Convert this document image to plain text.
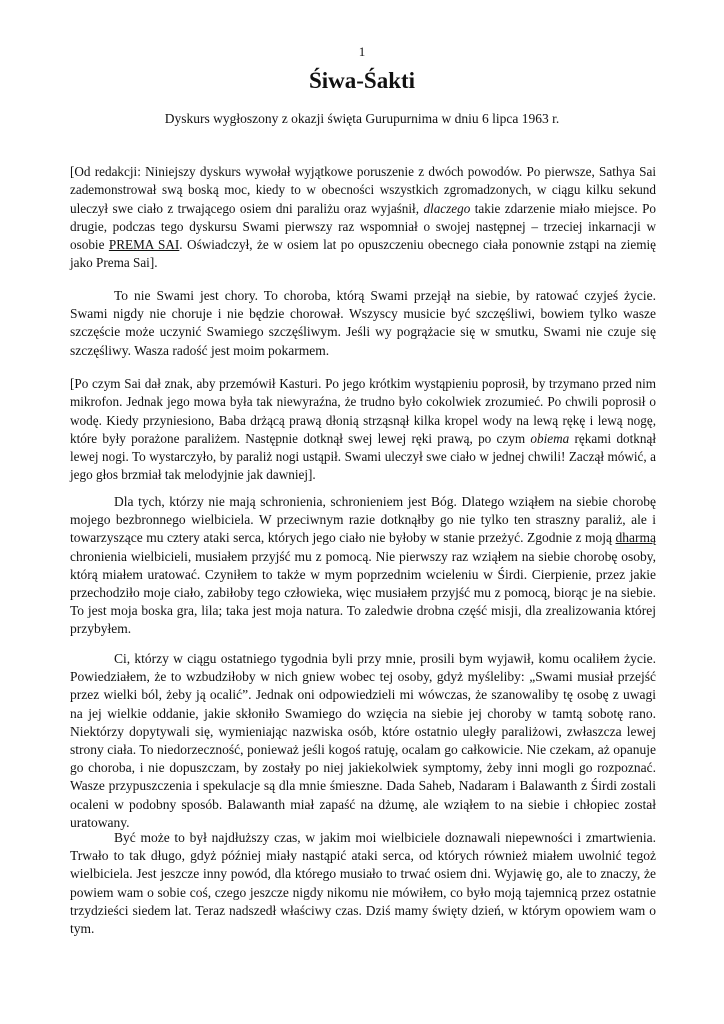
1
Śiwa-Śakti
Dyskurs wygłoszony z okazji święta Gurupurnima w dniu 6 lipca 1963 r.

[Od redakcji: Niniejszy dyskurs wywołał wyjątkowe poruszenie z dwóch powodów. Po pierwsze, Sathya Sai zademonstrował swą boską moc, kiedy to w obecności wszystkich zgromadzonych, w ciągu kilku sekund uleczył swe ciało z trwającego osiem dni paraliżu oraz wyjaśnił, dlaczego takie zdarzenie miało miejsce. Po drugie, podczas tego dyskursu Swami pierwszy raz wspomniał o swojej następnej – trzeciej inkarnacji w osobie PREMA SAI. Oświadczył, że w osiem lat po opuszczeniu obecnego ciała ponownie zstąpi na ziemię jako Prema Sai].

To nie Swami jest chory. To choroba, którą Swami przejął na siebie, by ratować czyjeś życie. Swami nigdy nie choruje i nie będzie chorował. Wszyscy musicie być szczęśliwi, bowiem tylko wasze szczęście może uczynić Swamiego szczęśliwym. Jeśli wy pogrążacie się w smutku, Swami nie czuje się szczęśliwy. Wasza radość jest moim pokarmem.

[Po czym Sai dał znak, aby przemówił Kasturi. Po jego krótkim wystąpieniu poprosił, by trzymano przed nim mikrofon. Jednak jego mowa była tak niewyraźna, że trudno było cokolwiek zrozumieć. Po chwili poprosił o wodę. Kiedy przyniesiono, Baba drżącą prawą dłonią strząsnął kilka kropel wody na lewą rękę i lewą nogę, które były porażone paraliżem. Następnie dotknął swej lewej ręki prawą, po czym obiema rękami dotknął lewej nogi. To wystarczyło, by paraliż nogi ustąpił. Swami uleczył swe ciało w jednej chwili! Zaczął mówić, a jego głos brzmiał tak melodyjnie jak dawniej].

Dla tych, którzy nie mają schronienia, schronieniem jest Bóg. Dlatego wziąłem na siebie chorobę mojego bezbronnego wielbiciela. W przeciwnym razie dotknąłby go nie tylko ten straszny paraliż, ale i towarzyszące mu cztery ataki serca, których jego ciało nie byłoby w stanie przeżyć. Zgodnie z moją dharmą chronienia wielbicieli, musiałem przyjść mu z pomocą. Nie pierwszy raz wziąłem na siebie chorobę osoby, którą miałem uratować. Czyniłem to także w mym poprzednim wcieleniu w Śirdi. Cierpienie, przez jakie przechodziło moje ciało, zabiłoby tego człowieka, więc musiałem przyjść mu z pomocą, biorąc je na siebie. To jest moja boska gra, lila; taka jest moja natura. To zaledwie drobna część misji, dla zrealizowania której przybyłem.

Ci, którzy w ciągu ostatniego tygodnia byli przy mnie, prosili bym wyjawił, komu ocaliłem życie. Powiedziałem, że to wzbudziłoby w nich gniew wobec tej osoby, gdyż myśleliby: „Swami musiał przejść przez wielki ból, żeby ją ocalić”. Jednak oni odpowiedzieli mi wówczas, że szanowaliby tę osobę z uwagi na jej wielkie oddanie, jakie skłoniło Swamiego do wzięcia na siebie jej choroby w tamtą sobotę rano. Niektórzy dopytywali się, wymieniając nazwiska osób, które ostatnio uległy paraliżowi, zwłaszcza lewej strony ciała. To niedorzeczność, ponieważ jeśli kogoś ratuję, ocalam go całkowicie. Nie czekam, aż opanuje go choroba, i nie dopuszczam, by zostały po niej jakiekolwiek symptomy, żeby inni mogli go rozpoznać. Wasze przypuszczenia i spekulacje są dla mnie śmieszne. Dada Saheb, Nadaram i Balawanth z Śirdi zostali ocaleni w podobny sposób. Balawanth miał zapaść na dżumę, ale wziąłem to na siebie i chłopiec został uratowany.

Być może to był najdłuższy czas, w jakim moi wielbiciele doznawali niepewności i zmartwienia. Trwało to tak długo, gdyż później miały nastąpić ataki serca, od których również miałem uwolnić tegoż wielbiciela. Jest jeszcze inny powód, dla którego musiało to trwać osiem dni. Wyjawię go, ale to znaczy, że powiem wam o sobie coś, czego jeszcze nigdy nikomu nie mówiłem, co było moją tajemnicą przez ostatnie trzydzieści siedem lat. Teraz nadszedł właściwy czas. Dziś mamy święty dzień, w którym opowiem wam o tym.
